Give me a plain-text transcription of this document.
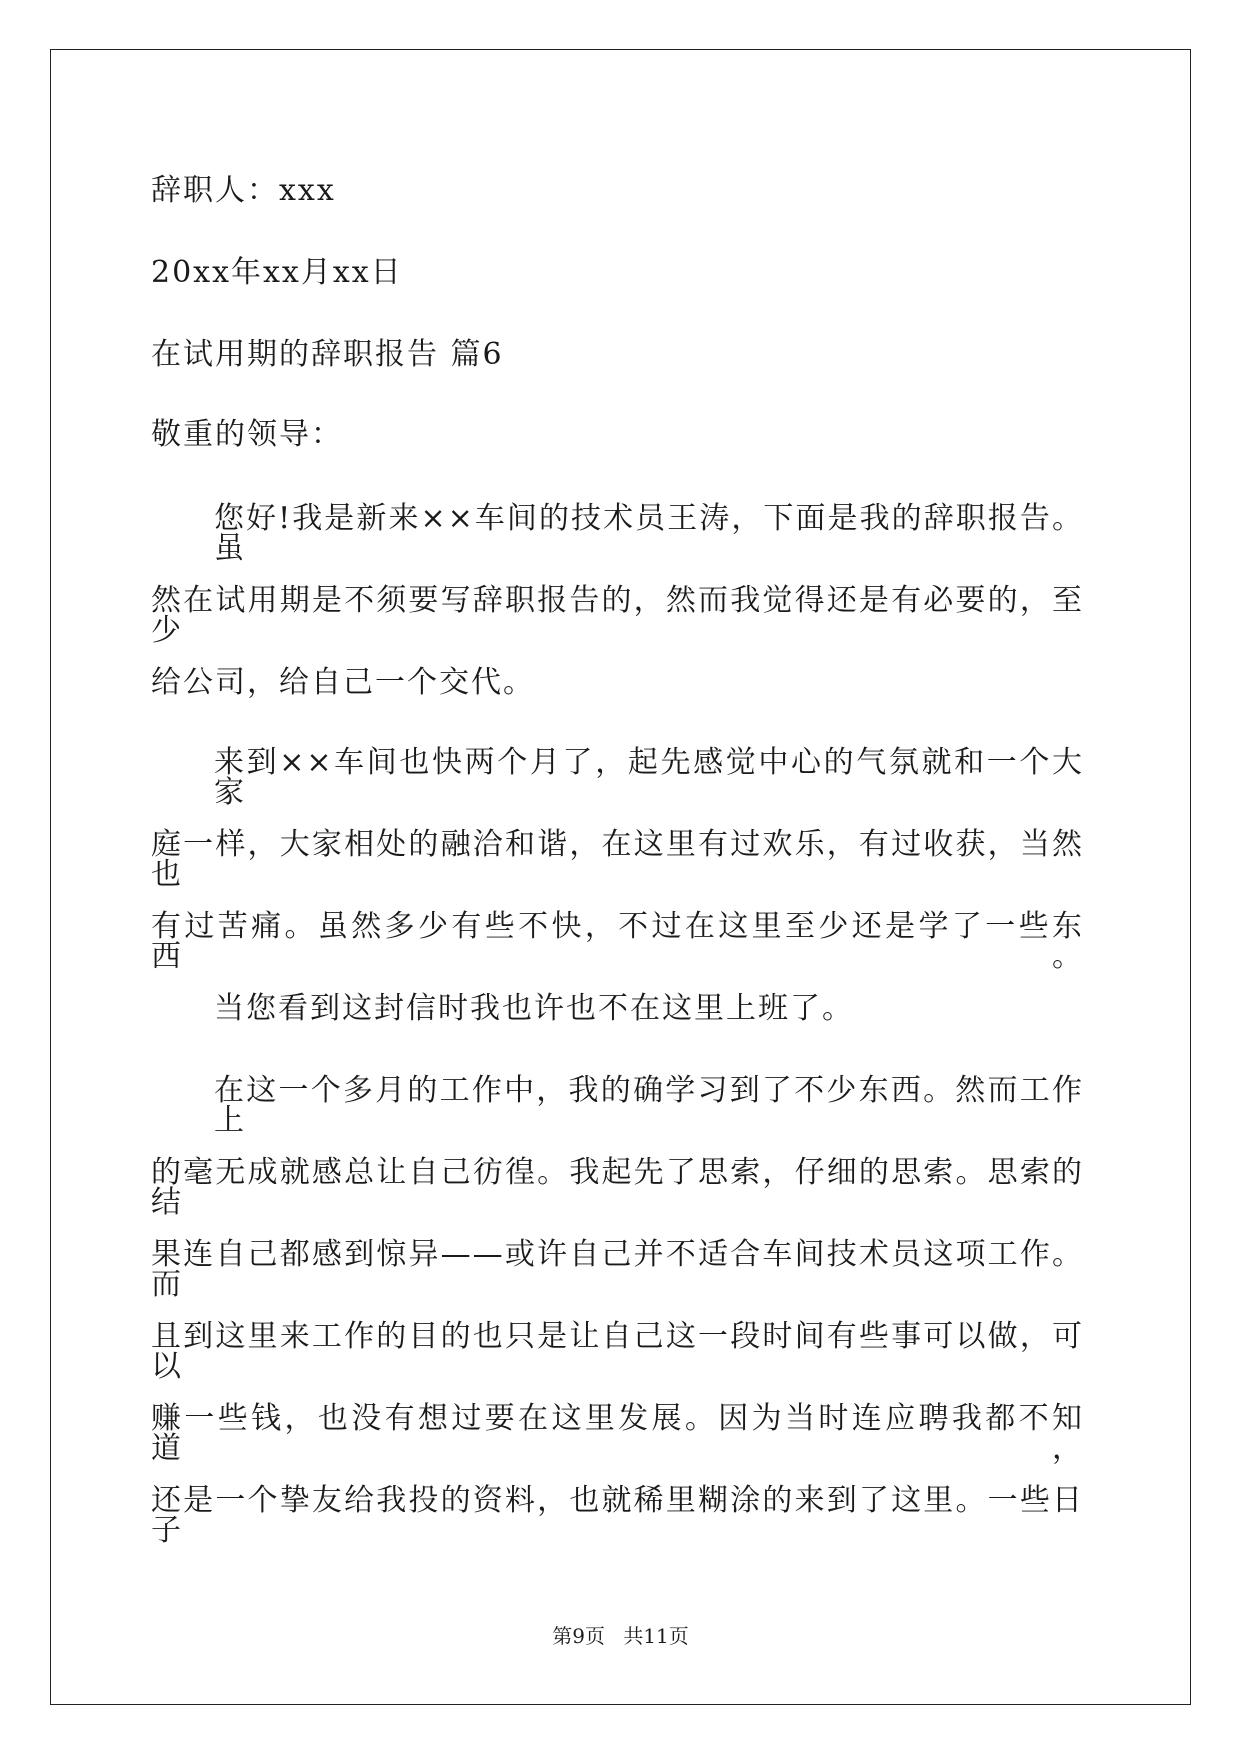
辞职人：xxx
20xx年xx月xx日
在试用期的辞职报告 篇6
敬重的领导：
您好!我是新来××车间的技术员王涛，下面是我的辞职报告。虽
然在试用期是不须要写辞职报告的，然而我觉得还是有必要的，至少
给公司，给自己一个交代。
来到××车间也快两个月了，起先感觉中心的气氛就和一个大家
庭一样，大家相处的融洽和谐，在这里有过欢乐，有过收获，当然也
有过苦痛。虽然多少有些不快，不过在这里至少还是学了一些东西。
当您看到这封信时我也许也不在这里上班了。
在这一个多月的工作中，我的确学习到了不少东西。然而工作上
的毫无成就感总让自己彷徨。我起先了思索，仔细的思索。思索的结
果连自己都感到惊异——或许自己并不适合车间技术员这项工作。而
且到这里来工作的目的也只是让自己这一段时间有些事可以做，可以
赚一些钱，也没有想过要在这里发展。因为当时连应聘我都不知道，
还是一个挚友给我投的资料，也就稀里糊涂的来到了这里。一些日子
第9页 共11页
